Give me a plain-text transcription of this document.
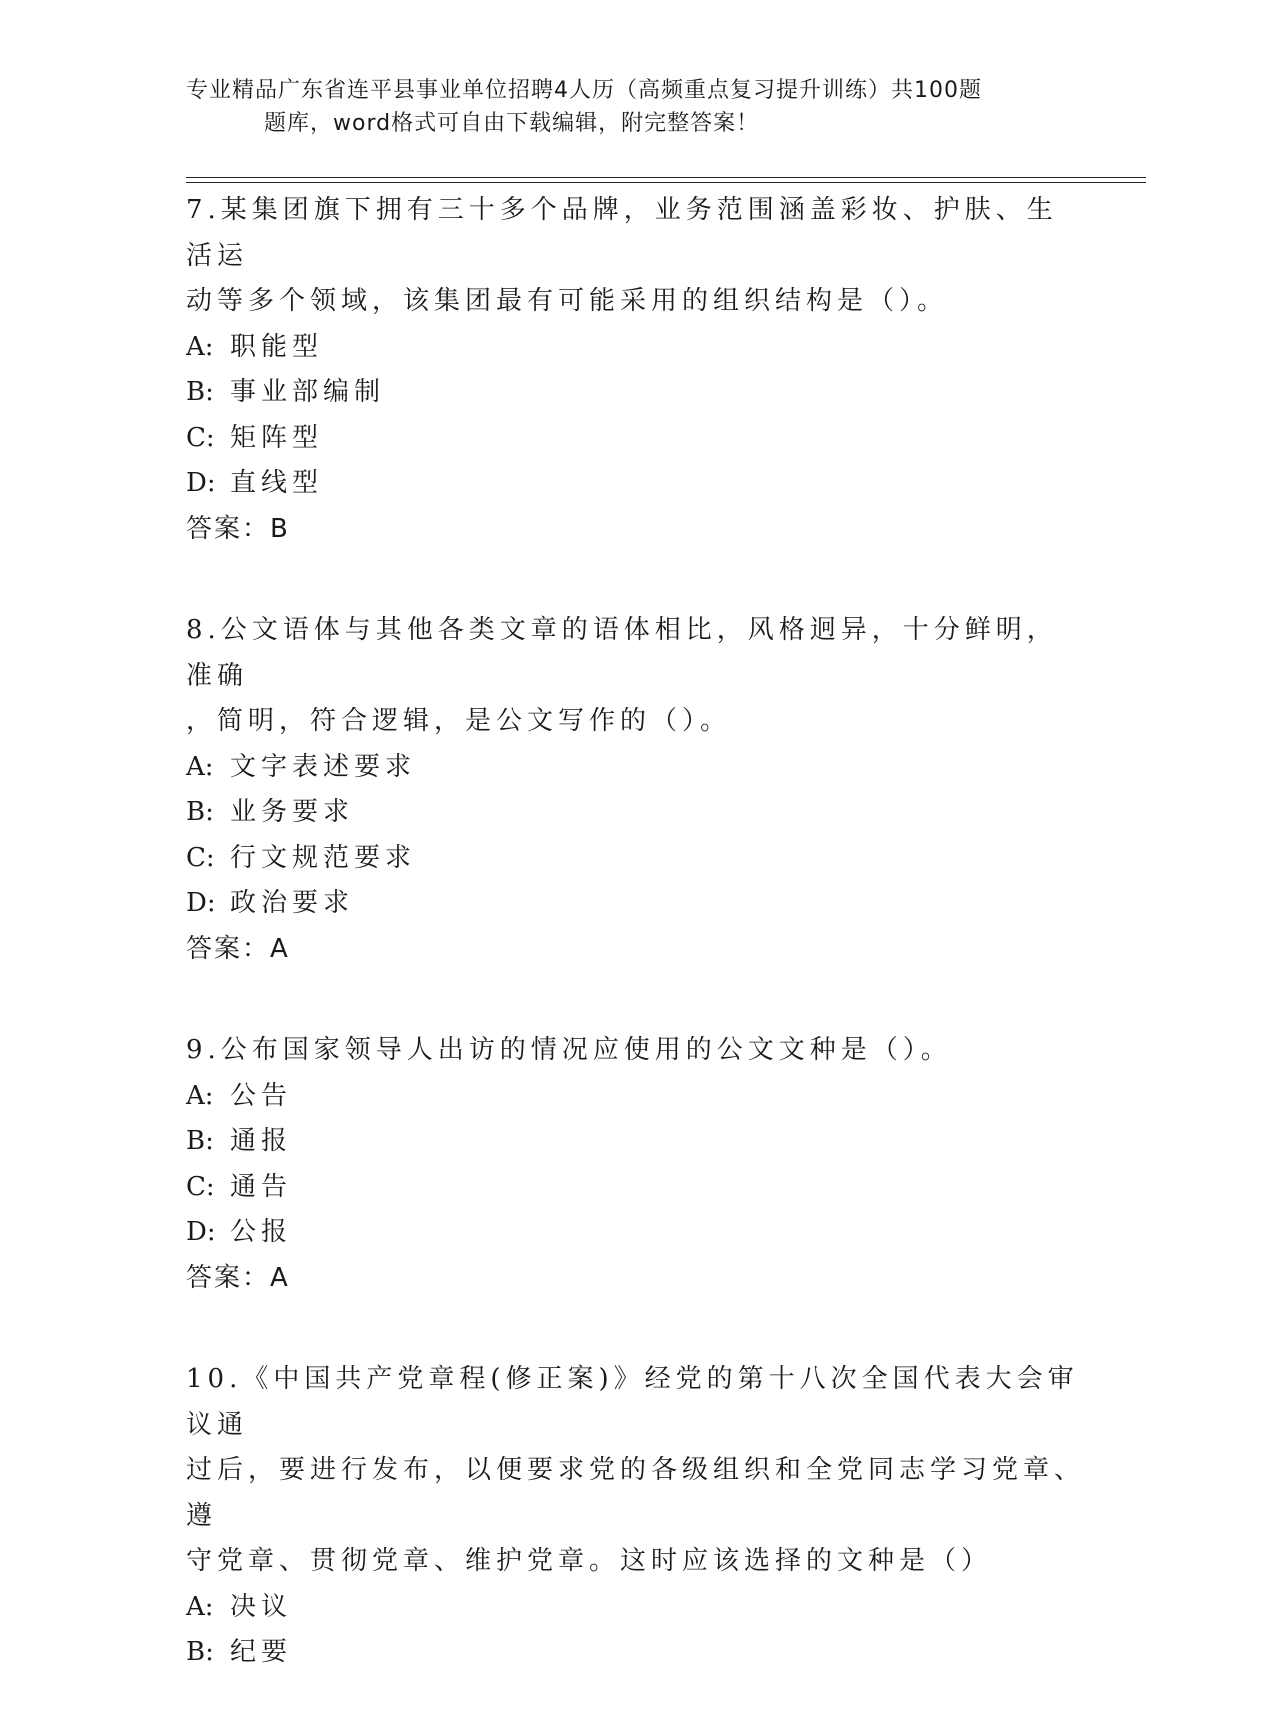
专业精品广东省连平县事业单位招聘4人历（高频重点复习提升训练）共100题
题库，word格式可自由下载编辑，附完整答案！
7.某集团旗下拥有三十多个品牌，业务范围涵盖彩妆、护肤、生活运
动等多个领域，该集团最有可能采用的组织结构是（）。
A: 职能型
B: 事业部编制
C: 矩阵型
D: 直线型
答案：B
8.公文语体与其他各类文章的语体相比，风格迥异，十分鲜明，准确
，简明，符合逻辑，是公文写作的（）。
A: 文字表述要求
B: 业务要求
C: 行文规范要求
D: 政治要求
答案：A
9.公布国家领导人出访的情况应使用的公文文种是（）。
A: 公告
B: 通报
C: 通告
D: 公报
答案：A
10.《中国共产党章程(修正案)》经党的第十八次全国代表大会审议通
过后，要进行发布，以便要求党的各级组织和全党同志学习党章、遵
守党章、贯彻党章、维护党章。这时应该选择的文种是（）
A: 决议
B: 纪要
